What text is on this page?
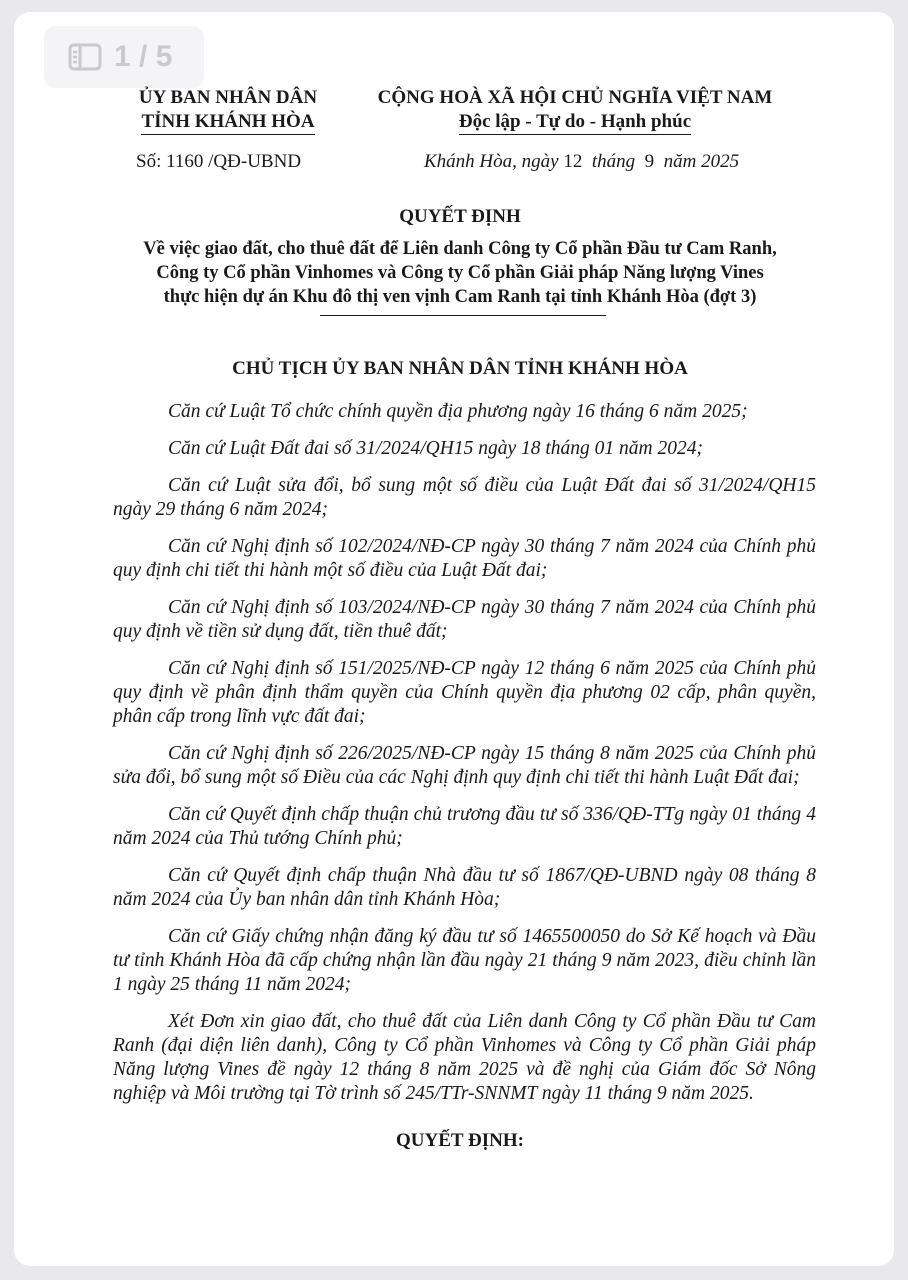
1 / 5
ỦY BAN NHÂN DÂN
TỈNH KHÁNH HÒA
CỘNG HOÀ XÃ HỘI CHỦ NGHĨA VIỆT NAM
Độc lập - Tự do - Hạnh phúc
Số: 1160 /QĐ-UBND	Khánh Hòa, ngày 12 tháng 9 năm 2025
QUYẾT ĐỊNH
Về việc giao đất, cho thuê đất để Liên danh Công ty Cổ phần Đầu tư Cam Ranh,
Công ty Cổ phần Vinhomes và Công ty Cổ phần Giải pháp Năng lượng Vines
thực hiện dự án Khu đô thị ven vịnh Cam Ranh tại tỉnh Khánh Hòa (đợt 3)
CHỦ TỊCH ỦY BAN NHÂN DÂN TỈNH KHÁNH HÒA

Căn cứ Luật Tổ chức chính quyền địa phương ngày 16 tháng 6 năm 2025;

Căn cứ Luật Đất đai số 31/2024/QH15 ngày 18 tháng 01 năm 2024;

Căn cứ Luật sửa đổi, bổ sung một số điều của Luật Đất đai số 31/2024/QH15 ngày 29 tháng 6 năm 2024;

Căn cứ Nghị định số 102/2024/NĐ-CP ngày 30 tháng 7 năm 2024 của Chính phủ quy định chi tiết thi hành một số điều của Luật Đất đai;

Căn cứ Nghị định số 103/2024/NĐ-CP ngày 30 tháng 7 năm 2024 của Chính phủ quy định về tiền sử dụng đất, tiền thuê đất;

Căn cứ Nghị định số 151/2025/NĐ-CP ngày 12 tháng 6 năm 2025 của Chính phủ quy định về phân định thẩm quyền của Chính quyền địa phương 02 cấp, phân quyền, phân cấp trong lĩnh vực đất đai;

Căn cứ Nghị định số 226/2025/NĐ-CP ngày 15 tháng 8 năm 2025 của Chính phủ sửa đổi, bổ sung một số Điều của các Nghị định quy định chi tiết thi hành Luật Đất đai;

Căn cứ Quyết định chấp thuận chủ trương đầu tư số 336/QĐ-TTg ngày 01 tháng 4 năm 2024 của Thủ tướng Chính phủ;

Căn cứ Quyết định chấp thuận Nhà đầu tư số 1867/QĐ-UBND ngày 08 tháng 8 năm 2024 của Ủy ban nhân dân tỉnh Khánh Hòa;

Căn cứ Giấy chứng nhận đăng ký đầu tư số 1465500050 do Sở Kế hoạch và Đầu tư tỉnh Khánh Hòa đã cấp chứng nhận lần đầu ngày 21 tháng 9 năm 2023, điều chỉnh lần 1 ngày 25 tháng 11 năm 2024;

Xét Đơn xin giao đất, cho thuê đất của Liên danh Công ty Cổ phần Đầu tư Cam Ranh (đại diện liên danh), Công ty Cổ phần Vinhomes và Công ty Cổ phần Giải pháp Năng lượng Vines đề ngày 12 tháng 8 năm 2025 và đề nghị của Giám đốc Sở Nông nghiệp và Môi trường tại Tờ trình số 245/TTr-SNNMT ngày 11 tháng 9 năm 2025.

QUYẾT ĐỊNH:
